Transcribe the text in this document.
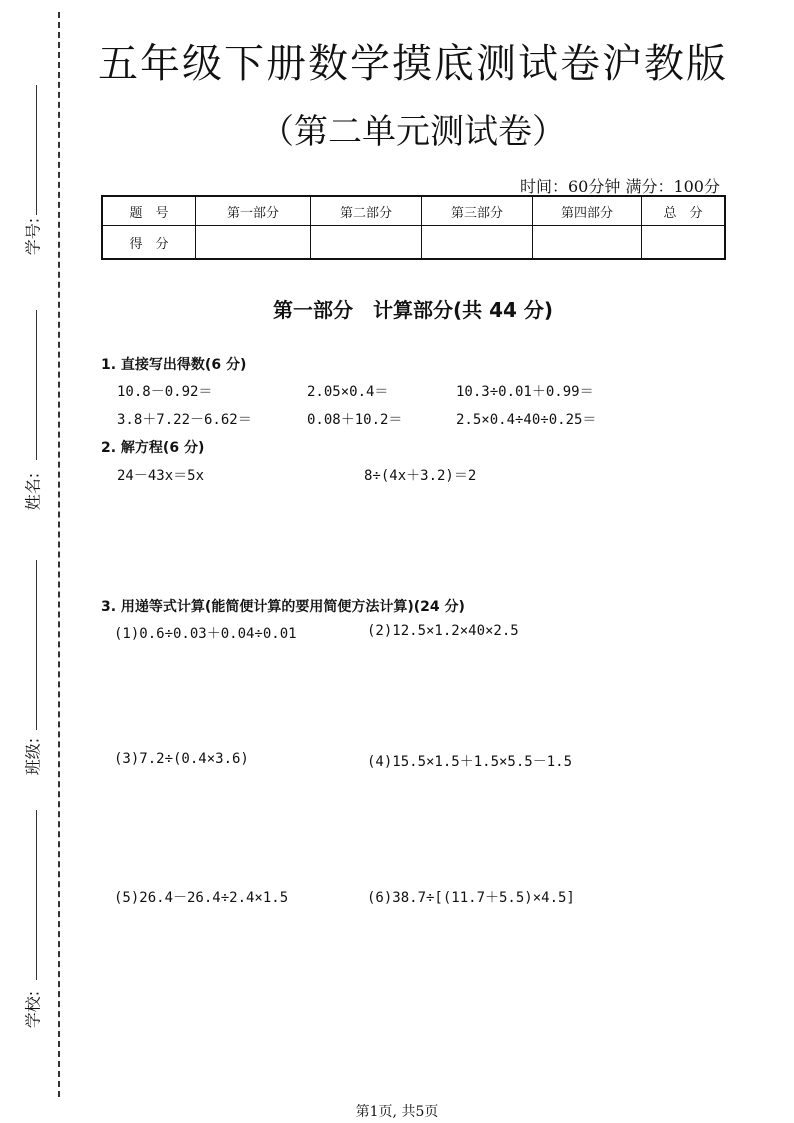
学号:
姓名:
班级:
学校:
五年级下册数学摸底测试卷沪教版
（第二单元测试卷）
时间：60分钟 满分：100分
题　号	第一部分	第二部分	第三部分	第四部分	总　分
得　分					
第一部分　计算部分(共 44 分)
1. 直接写出得数(6 分)
10.8－0.92＝	2.05×0.4＝	10.3÷0.01＋0.99＝
3.8＋7.22－6.62＝	0.08＋10.2＝	2.5×0.4÷40÷0.25＝
2. 解方程(6 分)
24－43x＝5x	8÷(4x＋3.2)＝2
3. 用递等式计算(能简便计算的要用简便方法计算)(24 分)
(1)0.6÷0.03＋0.04÷0.01	(2)12.5×1.2×40×2.5
(3)7.2÷(0.4×3.6)	(4)15.5×1.5＋1.5×5.5－1.5
(5)26.4－26.4÷2.4×1.5	(6)38.7÷[(11.7＋5.5)×4.5]
第1页, 共5页
